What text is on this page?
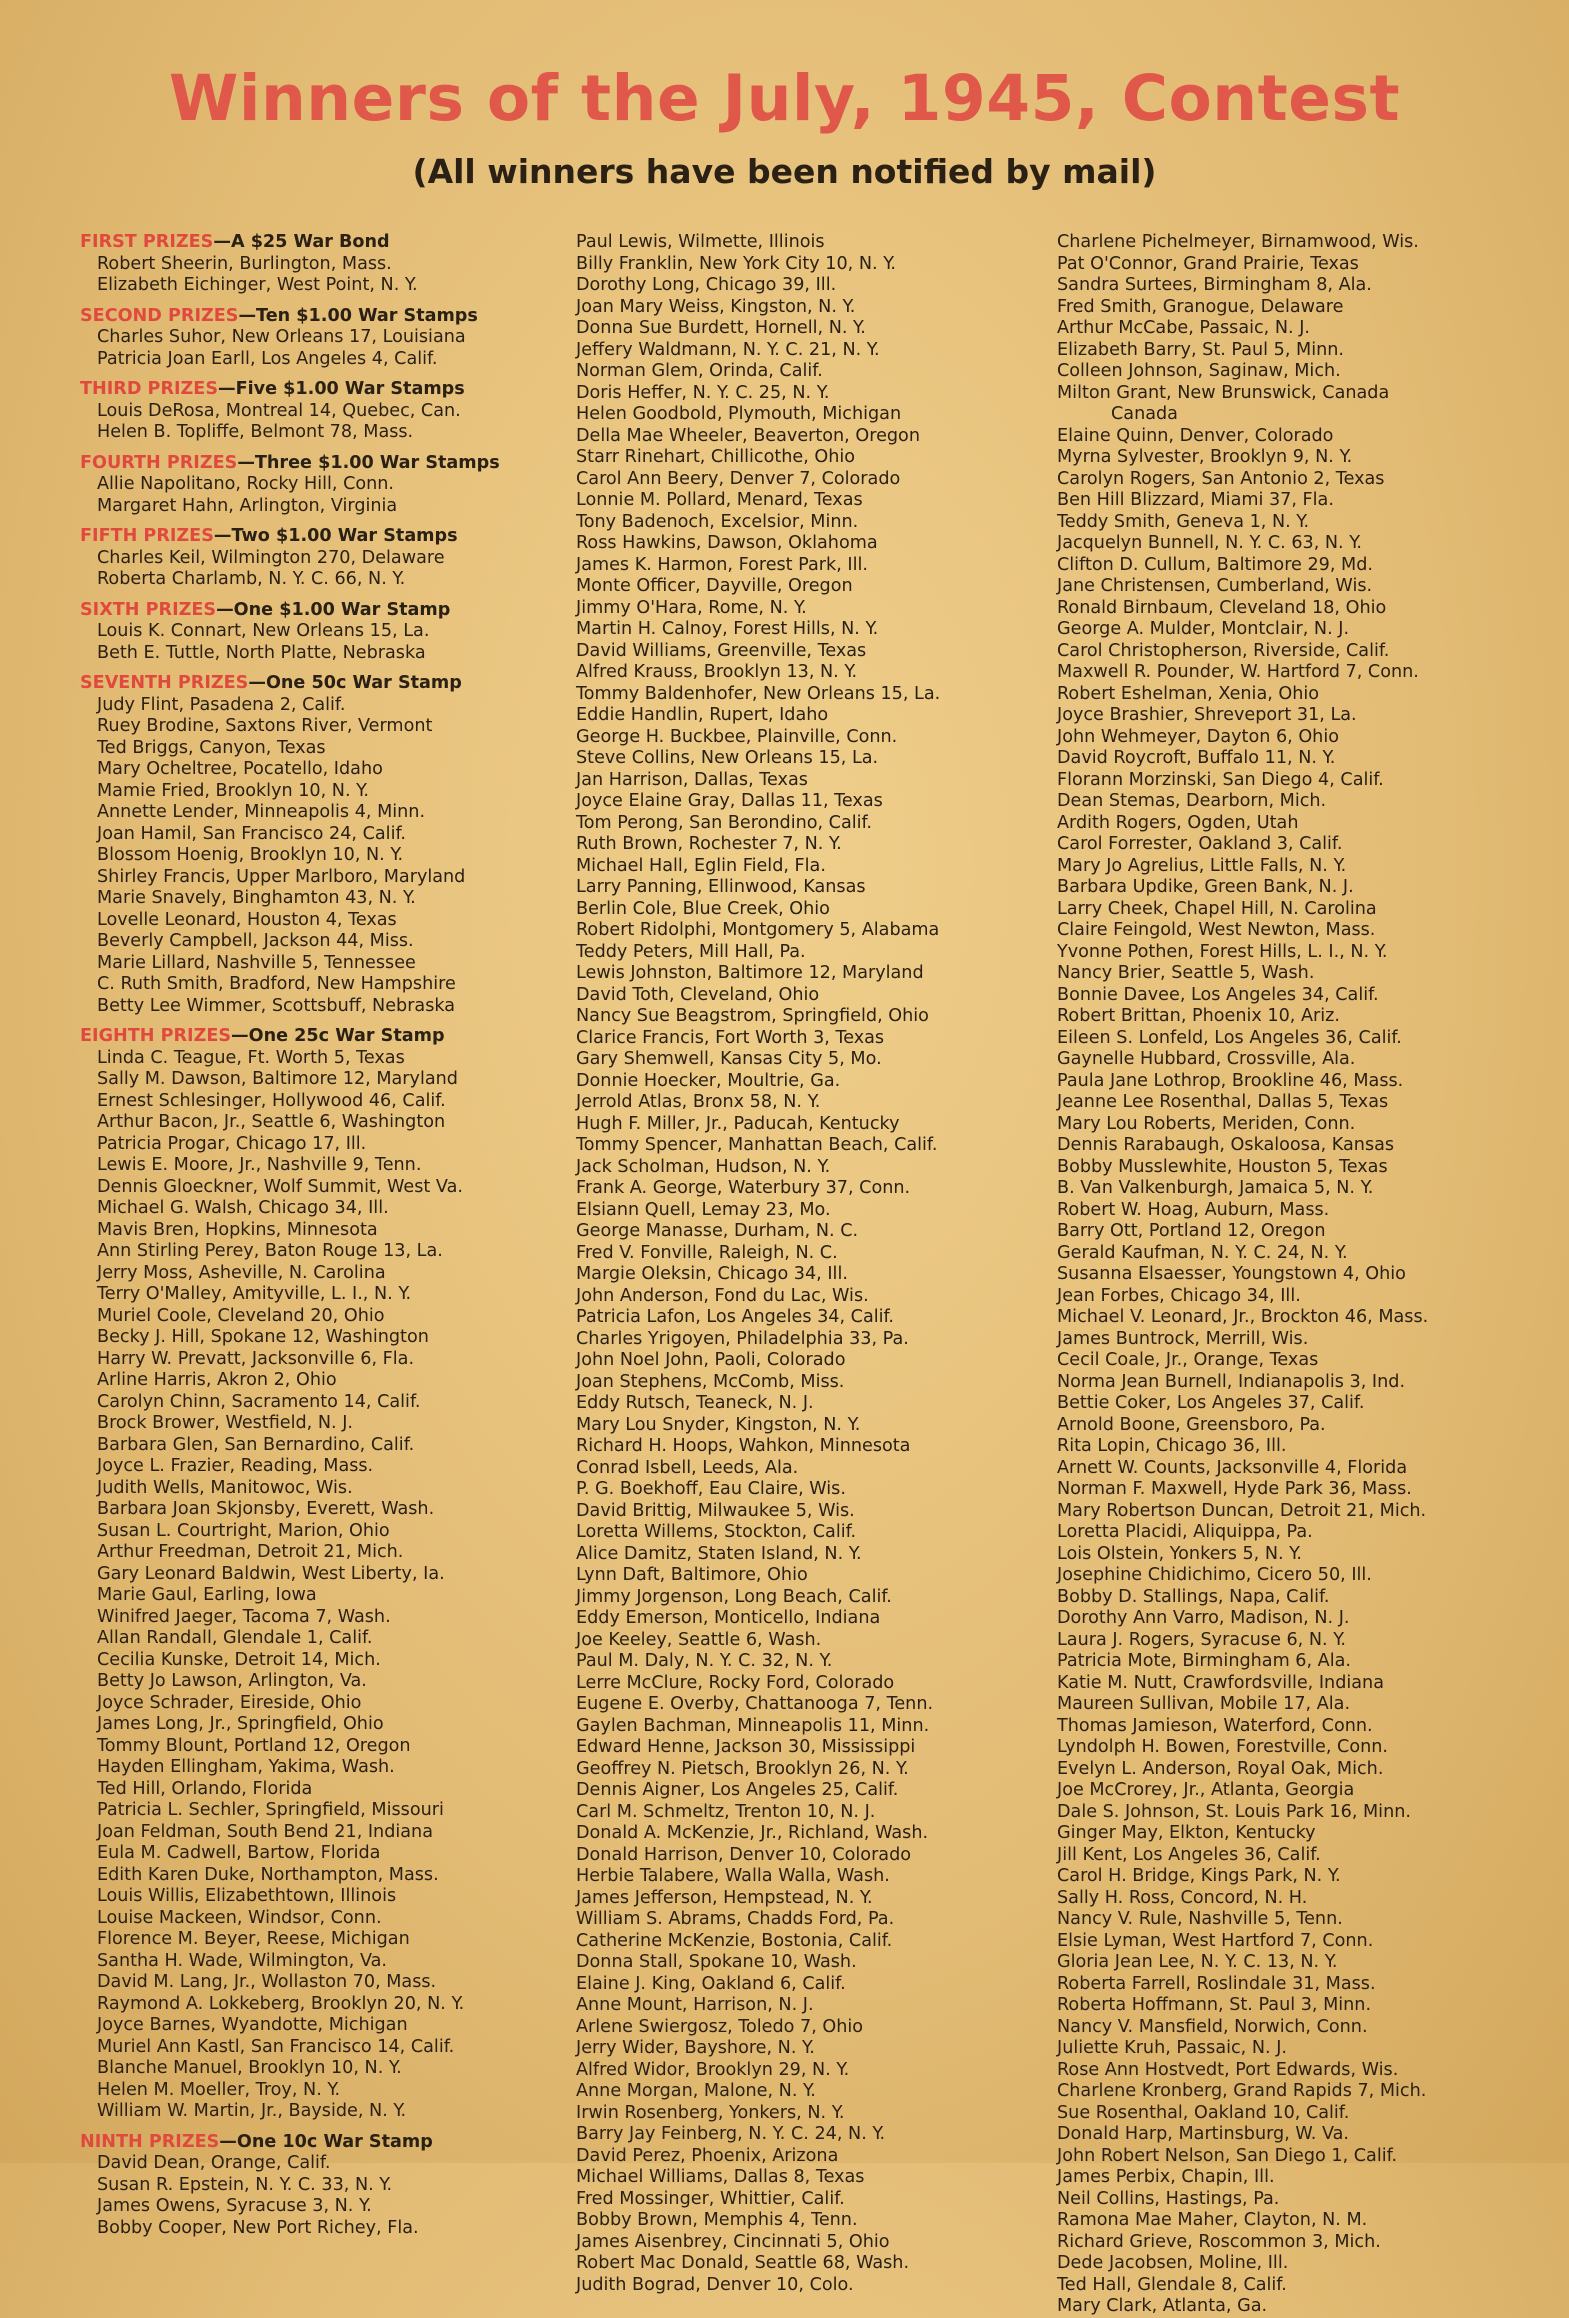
Winners of the July, 1945, Contest
(All winners have been notified by mail)
FIRST PRIZES—A $25 War Bond
Robert Sheerin, Burlington, Mass.
Elizabeth Eichinger, West Point, N. Y.
SECOND PRIZES—Ten $1.00 War Stamps
Charles Suhor, New Orleans 17, Louisiana
Patricia Joan Earll, Los Angeles 4, Calif.
THIRD PRIZES—Five $1.00 War Stamps
Louis DeRosa, Montreal 14, Quebec, Can.
Helen B. Topliffe, Belmont 78, Mass.
FOURTH PRIZES—Three $1.00 War Stamps
Allie Napolitano, Rocky Hill, Conn.
Margaret Hahn, Arlington, Virginia
FIFTH PRIZES—Two $1.00 War Stamps
Charles Keil, Wilmington 270, Delaware
Roberta Charlamb, N. Y. C. 66, N. Y.
SIXTH PRIZES—One $1.00 War Stamp
Louis K. Connart, New Orleans 15, La.
Beth E. Tuttle, North Platte, Nebraska
SEVENTH PRIZES—One 50c War Stamp
Judy Flint, Pasadena 2, Calif.
Ruey Brodine, Saxtons River, Vermont
Ted Briggs, Canyon, Texas
Mary Ocheltree, Pocatello, Idaho
Mamie Fried, Brooklyn 10, N. Y.
Annette Lender, Minneapolis 4, Minn.
Joan Hamil, San Francisco 24, Calif.
Blossom Hoenig, Brooklyn 10, N. Y.
Shirley Francis, Upper Marlboro, Maryland
Marie Snavely, Binghamton 43, N. Y.
Lovelle Leonard, Houston 4, Texas
Beverly Campbell, Jackson 44, Miss.
Marie Lillard, Nashville 5, Tennessee
C. Ruth Smith, Bradford, New Hampshire
Betty Lee Wimmer, Scottsbuff, Nebraska
EIGHTH PRIZES—One 25c War Stamp
Linda C. Teague, Ft. Worth 5, Texas
Sally M. Dawson, Baltimore 12, Maryland
Ernest Schlesinger, Hollywood 46, Calif.
Arthur Bacon, Jr., Seattle 6, Washington
Patricia Progar, Chicago 17, Ill.
Lewis E. Moore, Jr., Nashville 9, Tenn.
Dennis Gloeckner, Wolf Summit, West Va.
Michael G. Walsh, Chicago 34, Ill.
Mavis Bren, Hopkins, Minnesota
Ann Stirling Perey, Baton Rouge 13, La.
Jerry Moss, Asheville, N. Carolina
Terry O'Malley, Amityville, L. I., N. Y.
Muriel Coole, Cleveland 20, Ohio
Becky J. Hill, Spokane 12, Washington
Harry W. Prevatt, Jacksonville 6, Fla.
Arline Harris, Akron 2, Ohio
Carolyn Chinn, Sacramento 14, Calif.
Brock Brower, Westfield, N. J.
Barbara Glen, San Bernardino, Calif.
Joyce L. Frazier, Reading, Mass.
Judith Wells, Manitowoc, Wis.
Barbara Joan Skjonsby, Everett, Wash.
Susan L. Courtright, Marion, Ohio
Arthur Freedman, Detroit 21, Mich.
Gary Leonard Baldwin, West Liberty, Ia.
Marie Gaul, Earling, Iowa
Winifred Jaeger, Tacoma 7, Wash.
Allan Randall, Glendale 1, Calif.
Cecilia Kunske, Detroit 14, Mich.
Betty Jo Lawson, Arlington, Va.
Joyce Schrader, Eireside, Ohio
James Long, Jr., Springfield, Ohio
Tommy Blount, Portland 12, Oregon
Hayden Ellingham, Yakima, Wash.
Ted Hill, Orlando, Florida
Patricia L. Sechler, Springfield, Missouri
Joan Feldman, South Bend 21, Indiana
Eula M. Cadwell, Bartow, Florida
Edith Karen Duke, Northampton, Mass.
Louis Willis, Elizabethtown, Illinois
Louise Mackeen, Windsor, Conn.
Florence M. Beyer, Reese, Michigan
Santha H. Wade, Wilmington, Va.
David M. Lang, Jr., Wollaston 70, Mass.
Raymond A. Lokkeberg, Brooklyn 20, N. Y.
Joyce Barnes, Wyandotte, Michigan
Muriel Ann Kastl, San Francisco 14, Calif.
Blanche Manuel, Brooklyn 10, N. Y.
Helen M. Moeller, Troy, N. Y.
William W. Martin, Jr., Bayside, N. Y.
NINTH PRIZES—One 10c War Stamp
David Dean, Orange, Calif.
Susan R. Epstein, N. Y. C. 33, N. Y.
James Owens, Syracuse 3, N. Y.
Bobby Cooper, New Port Richey, Fla.
Paul Lewis, Wilmette, Illinois
Billy Franklin, New York City 10, N. Y.
Dorothy Long, Chicago 39, Ill.
Joan Mary Weiss, Kingston, N. Y.
Donna Sue Burdett, Hornell, N. Y.
Jeffery Waldmann, N. Y. C. 21, N. Y.
Norman Glem, Orinda, Calif.
Doris Heffer, N. Y. C. 25, N. Y.
Helen Goodbold, Plymouth, Michigan
Della Mae Wheeler, Beaverton, Oregon
Starr Rinehart, Chillicothe, Ohio
Carol Ann Beery, Denver 7, Colorado
Lonnie M. Pollard, Menard, Texas
Tony Badenoch, Excelsior, Minn.
Ross Hawkins, Dawson, Oklahoma
James K. Harmon, Forest Park, Ill.
Monte Officer, Dayville, Oregon
Jimmy O'Hara, Rome, N. Y.
Martin H. Calnoy, Forest Hills, N. Y.
David Williams, Greenville, Texas
Alfred Krauss, Brooklyn 13, N. Y.
Tommy Baldenhofer, New Orleans 15, La.
Eddie Handlin, Rupert, Idaho
George H. Buckbee, Plainville, Conn.
Steve Collins, New Orleans 15, La.
Jan Harrison, Dallas, Texas
Joyce Elaine Gray, Dallas 11, Texas
Tom Perong, San Berondino, Calif.
Ruth Brown, Rochester 7, N. Y.
Michael Hall, Eglin Field, Fla.
Larry Panning, Ellinwood, Kansas
Berlin Cole, Blue Creek, Ohio
Robert Ridolphi, Montgomery 5, Alabama
Teddy Peters, Mill Hall, Pa.
Lewis Johnston, Baltimore 12, Maryland
David Toth, Cleveland, Ohio
Nancy Sue Beagstrom, Springfield, Ohio
Clarice Francis, Fort Worth 3, Texas
Gary Shemwell, Kansas City 5, Mo.
Donnie Hoecker, Moultrie, Ga.
Jerrold Atlas, Bronx 58, N. Y.
Hugh F. Miller, Jr., Paducah, Kentucky
Tommy Spencer, Manhattan Beach, Calif.
Jack Scholman, Hudson, N. Y.
Frank A. George, Waterbury 37, Conn.
Elsiann Quell, Lemay 23, Mo.
George Manasse, Durham, N. C.
Fred V. Fonville, Raleigh, N. C.
Margie Oleksin, Chicago 34, Ill.
John Anderson, Fond du Lac, Wis.
Patricia Lafon, Los Angeles 34, Calif.
Charles Yrigoyen, Philadelphia 33, Pa.
John Noel John, Paoli, Colorado
Joan Stephens, McComb, Miss.
Eddy Rutsch, Teaneck, N. J.
Mary Lou Snyder, Kingston, N. Y.
Richard H. Hoops, Wahkon, Minnesota
Conrad Isbell, Leeds, Ala.
P. G. Boekhoff, Eau Claire, Wis.
David Brittig, Milwaukee 5, Wis.
Loretta Willems, Stockton, Calif.
Alice Damitz, Staten Island, N. Y.
Lynn Daft, Baltimore, Ohio
Jimmy Jorgenson, Long Beach, Calif.
Eddy Emerson, Monticello, Indiana
Joe Keeley, Seattle 6, Wash.
Paul M. Daly, N. Y. C. 32, N. Y.
Lerre McClure, Rocky Ford, Colorado
Eugene E. Overby, Chattanooga 7, Tenn.
Gaylen Bachman, Minneapolis 11, Minn.
Edward Henne, Jackson 30, Mississippi
Geoffrey N. Pietsch, Brooklyn 26, N. Y.
Dennis Aigner, Los Angeles 25, Calif.
Carl M. Schmeltz, Trenton 10, N. J.
Donald A. McKenzie, Jr., Richland, Wash.
Donald Harrison, Denver 10, Colorado
Herbie Talabere, Walla Walla, Wash.
James Jefferson, Hempstead, N. Y.
William S. Abrams, Chadds Ford, Pa.
Catherine McKenzie, Bostonia, Calif.
Donna Stall, Spokane 10, Wash.
Elaine J. King, Oakland 6, Calif.
Anne Mount, Harrison, N. J.
Arlene Swiergosz, Toledo 7, Ohio
Jerry Wider, Bayshore, N. Y.
Alfred Widor, Brooklyn 29, N. Y.
Anne Morgan, Malone, N. Y.
Irwin Rosenberg, Yonkers, N. Y.
Barry Jay Feinberg, N. Y. C. 24, N. Y.
David Perez, Phoenix, Arizona
Michael Williams, Dallas 8, Texas
Fred Mossinger, Whittier, Calif.
Bobby Brown, Memphis 4, Tenn.
James Aisenbrey, Cincinnati 5, Ohio
Robert Mac Donald, Seattle 68, Wash.
Judith Bograd, Denver 10, Colo.
Charlene Pichelmeyer, Birnamwood, Wis.
Pat O'Connor, Grand Prairie, Texas
Sandra Surtees, Birmingham 8, Ala.
Fred Smith, Granogue, Delaware
Arthur McCabe, Passaic, N. J.
Elizabeth Barry, St. Paul 5, Minn.
Colleen Johnson, Saginaw, Mich.
Milton Grant, New Brunswick, Canada
Canada
Elaine Quinn, Denver, Colorado
Myrna Sylvester, Brooklyn 9, N. Y.
Carolyn Rogers, San Antonio 2, Texas
Ben Hill Blizzard, Miami 37, Fla.
Teddy Smith, Geneva 1, N. Y.
Jacquelyn Bunnell, N. Y. C. 63, N. Y.
Clifton D. Cullum, Baltimore 29, Md.
Jane Christensen, Cumberland, Wis.
Ronald Birnbaum, Cleveland 18, Ohio
George A. Mulder, Montclair, N. J.
Carol Christopherson, Riverside, Calif.
Maxwell R. Pounder, W. Hartford 7, Conn.
Robert Eshelman, Xenia, Ohio
Joyce Brashier, Shreveport 31, La.
John Wehmeyer, Dayton 6, Ohio
David Roycroft, Buffalo 11, N. Y.
Florann Morzinski, San Diego 4, Calif.
Dean Stemas, Dearborn, Mich.
Ardith Rogers, Ogden, Utah
Carol Forrester, Oakland 3, Calif.
Mary Jo Agrelius, Little Falls, N. Y.
Barbara Updike, Green Bank, N. J.
Larry Cheek, Chapel Hill, N. Carolina
Claire Feingold, West Newton, Mass.
Yvonne Pothen, Forest Hills, L. I., N. Y.
Nancy Brier, Seattle 5, Wash.
Bonnie Davee, Los Angeles 34, Calif.
Robert Brittan, Phoenix 10, Ariz.
Eileen S. Lonfeld, Los Angeles 36, Calif.
Gaynelle Hubbard, Crossville, Ala.
Paula Jane Lothrop, Brookline 46, Mass.
Jeanne Lee Rosenthal, Dallas 5, Texas
Mary Lou Roberts, Meriden, Conn.
Dennis Rarabaugh, Oskaloosa, Kansas
Bobby Musslewhite, Houston 5, Texas
B. Van Valkenburgh, Jamaica 5, N. Y.
Robert W. Hoag, Auburn, Mass.
Barry Ott, Portland 12, Oregon
Gerald Kaufman, N. Y. C. 24, N. Y.
Susanna Elsaesser, Youngstown 4, Ohio
Jean Forbes, Chicago 34, Ill.
Michael V. Leonard, Jr., Brockton 46, Mass.
James Buntrock, Merrill, Wis.
Cecil Coale, Jr., Orange, Texas
Norma Jean Burnell, Indianapolis 3, Ind.
Bettie Coker, Los Angeles 37, Calif.
Arnold Boone, Greensboro, Pa.
Rita Lopin, Chicago 36, Ill.
Arnett W. Counts, Jacksonville 4, Florida
Norman F. Maxwell, Hyde Park 36, Mass.
Mary Robertson Duncan, Detroit 21, Mich.
Loretta Placidi, Aliquippa, Pa.
Lois Olstein, Yonkers 5, N. Y.
Josephine Chidichimo, Cicero 50, Ill.
Bobby D. Stallings, Napa, Calif.
Dorothy Ann Varro, Madison, N. J.
Laura J. Rogers, Syracuse 6, N. Y.
Patricia Mote, Birmingham 6, Ala.
Katie M. Nutt, Crawfordsville, Indiana
Maureen Sullivan, Mobile 17, Ala.
Thomas Jamieson, Waterford, Conn.
Lyndolph H. Bowen, Forestville, Conn.
Evelyn L. Anderson, Royal Oak, Mich.
Joe McCrorey, Jr., Atlanta, Georgia
Dale S. Johnson, St. Louis Park 16, Minn.
Ginger May, Elkton, Kentucky
Jill Kent, Los Angeles 36, Calif.
Carol H. Bridge, Kings Park, N. Y.
Sally H. Ross, Concord, N. H.
Nancy V. Rule, Nashville 5, Tenn.
Elsie Lyman, West Hartford 7, Conn.
Gloria Jean Lee, N. Y. C. 13, N. Y.
Roberta Farrell, Roslindale 31, Mass.
Roberta Hoffmann, St. Paul 3, Minn.
Nancy V. Mansfield, Norwich, Conn.
Juliette Kruh, Passaic, N. J.
Rose Ann Hostvedt, Port Edwards, Wis.
Charlene Kronberg, Grand Rapids 7, Mich.
Sue Rosenthal, Oakland 10, Calif.
Donald Harp, Martinsburg, W. Va.
John Robert Nelson, San Diego 1, Calif.
James Perbix, Chapin, Ill.
Neil Collins, Hastings, Pa.
Ramona Mae Maher, Clayton, N. M.
Richard Grieve, Roscommon 3, Mich.
Dede Jacobsen, Moline, Ill.
Ted Hall, Glendale 8, Calif.
Mary Clark, Atlanta, Ga.
